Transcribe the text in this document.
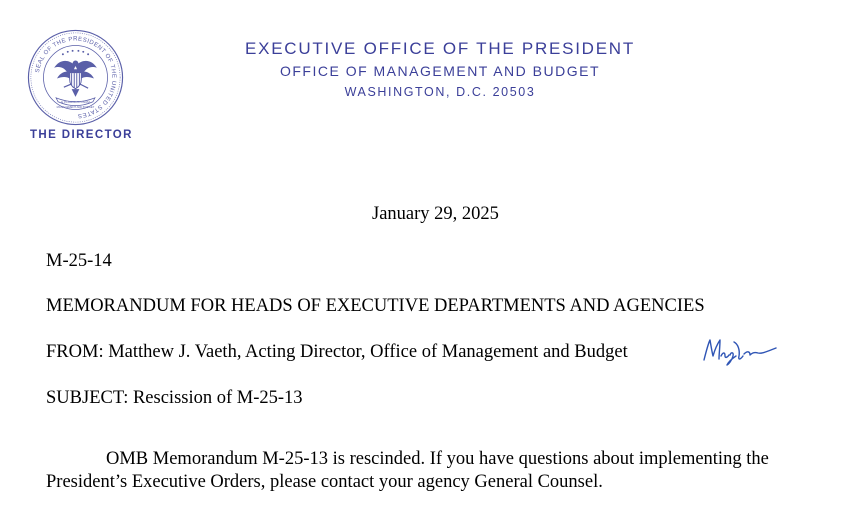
SEAL OF THE PRESIDENT OF THE UNITED STATES
E PLURIBUS UNUM
MANAGEMENT AND BUDGET
THE DIRECTOR
EXECUTIVE OFFICE OF THE PRESIDENT
OFFICE OF MANAGEMENT AND BUDGET
WASHINGTON, D.C. 20503
January 29, 2025
M-25-14
MEMORANDUM FOR HEADS OF EXECUTIVE DEPARTMENTS AND AGENCIES
FROM: Matthew J. Vaeth, Acting Director, Office of Management and Budget
SUBJECT: Rescission of M-25-13
OMB Memorandum M-25-13 is rescinded. If you have questions about implementing the
President’s Executive Orders, please contact your agency General Counsel.
